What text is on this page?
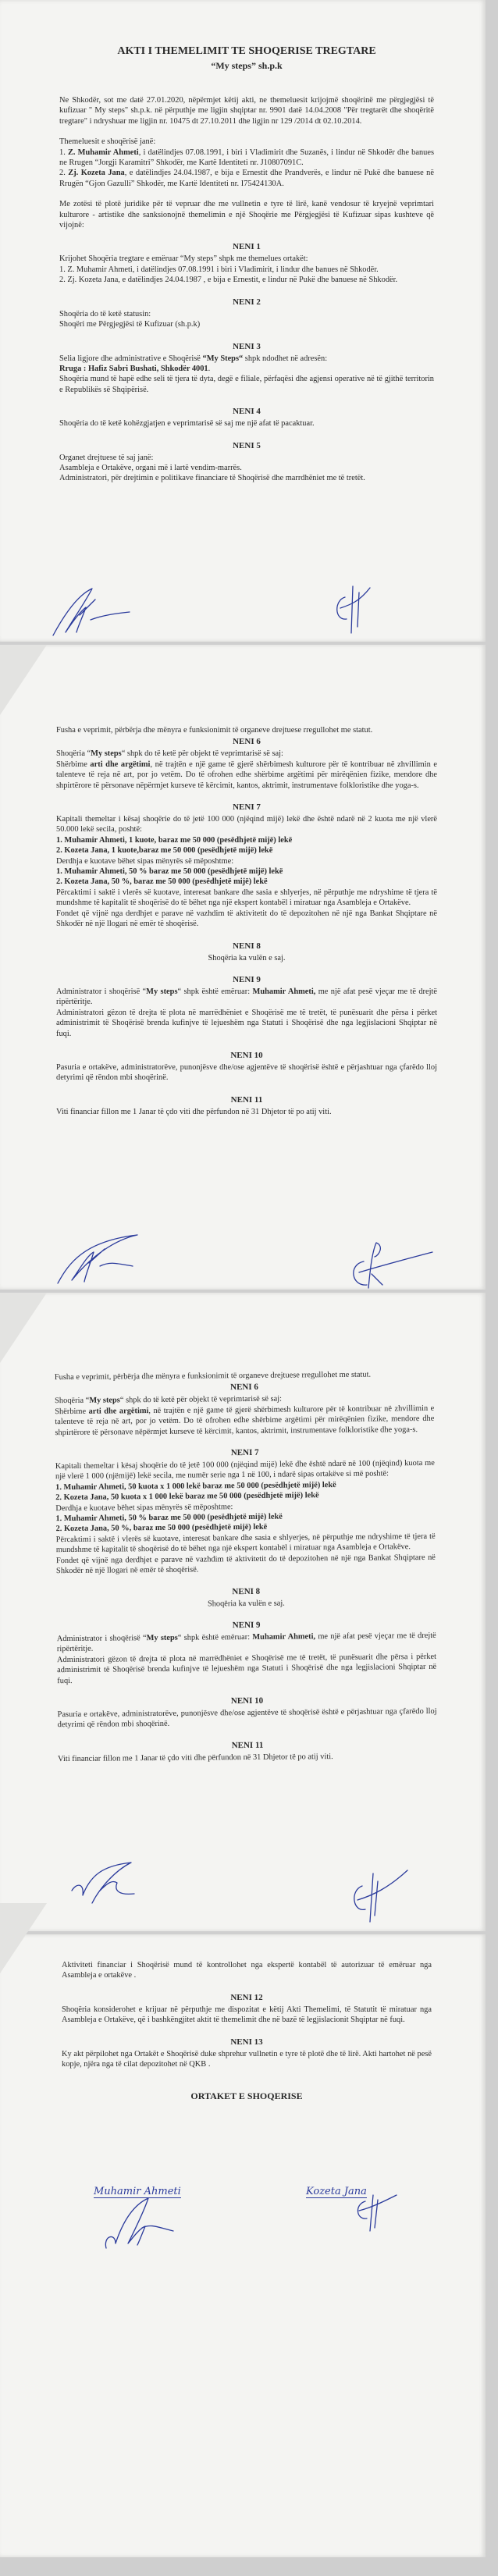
AKTI I THEMELIMIT TE SHOQERISE TREGTARE
“My steps” sh.p.k
Ne Shkodër, sot me datë 27.01.2020, nëpërmjet këtij akti, ne themeluesit krijojmë shoqërinë me përgjegjësi të kufizuar " My steps" sh.p.k. në përputhje me ligjin shqiptar nr. 9901 datë 14.04.2008 "Për tregtarët dhe shoqëritë tregtare" i ndryshuar me ligjin nr. 10475 dt 27.10.2011 dhe ligjin nr 129 /2014 dt 02.10.2014.
Themeluesit e shoqërisë janë:
1. Z. Muhamir Ahmeti, i datëlindjes 07.08.1991, i biri i Vladimirit dhe Suzanës, i lindur në Shkodër dhe banues ne Rrugen “Jorgji Karamitri” Shkodër, me Kartë Identiteti nr. J10807091C.
2. Zj. Kozeta Jana, e datëlindjes 24.04.1987, e bija e Ernestit dhe Prandverës, e lindur në Pukë dhe banuese në Rrugën “Gjon Gazulli” Shkodër, me Kartë Identiteti nr. I75424130A.
Me zotësi të plotë juridike për të vepruar dhe me vullnetin e tyre të lirë, kanë vendosur të kryejnë veprimtari kulturore - artistike dhe sanksionojnë themelimin e një Shoqërie me Përgjegjësi të Kufizuar sipas kushteve që vijojnë:
NENI 1
Krijohet Shoqëria tregtare e emëruar “My steps” shpk me themelues ortakët:
1. Z. Muhamir Ahmeti, i datëlindjes 07.08.1991 i biri i Vladimirit, i lindur dhe banues në Shkodër.
2. Zj. Kozeta Jana, e datëlindjes 24.04.1987 , e bija e Ernestit, e lindur në Pukë dhe banuese në Shkodër.
NENI 2
Shoqëria do të ketë statusin:
Shoqëri me Përgjegjësi të Kufizuar (sh.p.k)
NENI 3
Selia ligjore dhe administrative e Shoqërisë “My Steps“ shpk ndodhet në adresën:
Rruga : Hafiz Sabri Bushati, Shkodër 4001.
Shoqëria mund të hapë edhe seli të tjera të dyta, degë e filiale, përfaqësi dhe agjensi operative në të gjithë territorin e Republikës së Shqipërisë.
NENI 4
Shoqëria do të ketë kohëzgjatjen e veprimtarisë së saj me një afat të pacaktuar.
NENI 5
Organet drejtuese të saj janë:
Asambleja e Ortakëve, organi më i lartë vendim-marrës.
Administratori, për drejtimin e politikave financiare të Shoqërisë dhe marrdhëniet me të tretët.
Fusha e veprimit, përbërja dhe mënyra e funksionimit të organeve drejtuese rregullohet me statut.
NENI 6
Shoqëria “My steps“ shpk do të ketë për objekt të veprimtarisë së saj:
Shërbime arti dhe argëtimi, në trajtën e një game të gjerë shërbimesh kulturore për të kontribuar në zhvillimin e talenteve të reja në art, por jo vetëm. Do të ofrohen edhe shërbime argëtimi për mirëqënien fizike, mendore dhe shpirtërore të përsonave nëpërmjet kurseve të kërcimit, kantos, aktrimit, instrumentave folkloristike dhe yoga-s.
NENI 7
Kapitali themeltar i kësaj shoqërie do të jetë 100 000 (njëqind mijë) lekë dhe është ndarë në 2 kuota me një vlerë 50.000 lekë secila, poshtë:
1. Muhamir Ahmeti, 1 kuote, baraz me 50 000 (pesëdhjetë mijë) lekë
2. Kozeta Jana, 1 kuote,baraz me 50 000 (pesëdhjetë mijë) lekë
Derdhja e kuotave bëhet sipas mënyrës së mëposhtme:
1. Muhamir Ahmeti, 50 % baraz me 50 000 (pesëdhjetë mijë) lekë
2. Kozeta Jana, 50 %, baraz me 50 000 (pesëdhjetë mijë) lekë
Përcaktimi i saktë i vlerës së kuotave, interesat bankare dhe sasia e shlyerjes, në përputhje me ndryshime të tjera të mundshme të kapitalit të shoqërisë do të bëhet nga një ekspert kontabël i miratuar nga Asambleja e Ortakëve.
Fondet që vijnë nga derdhjet e parave në vazhdim të aktivitetit do të depozitohen në një nga Bankat Shqiptare në Shkodër në një llogari në emër të shoqërisë.
NENI 8
Shoqëria ka vulën e saj.
NENI 9
Administrator i shoqërisë “My steps“ shpk është emëruar: Muhamir Ahmeti, me një afat pesë vjeçar me të drejtë ripërtëritje.
Administratori gëzon të drejta të plota në marrëdhëniet e Shoqërisë me të tretët, të punësuarit dhe përsa i përket administrimit të Shoqërisë brenda kufinjve të lejueshëm nga Statuti i Shoqërisë dhe nga legjislacioni Shqiptar në fuqi.
NENI 10
Pasuria e ortakëve, administratorëve, punonjësve dhe/ose agjentëve të shoqërisë është e përjashtuar nga çfarëdo lloj detyrimi që rëndon mbi shoqërinë.
NENI 11
Viti financiar fillon me 1 Janar të çdo viti dhe përfundon në 31 Dhjetor të po atij viti.
Fusha e veprimit, përbërja dhe mënyra e funksionimit të organeve drejtuese rregullohet me statut.
NENI 6
Shoqëria “My steps“ shpk do të ketë për objekt të veprimtarisë së saj:
Shërbime arti dhe argëtimi, në trajtën e një game të gjerë shërbimesh kulturore për të kontribuar në zhvillimin e talenteve të reja në art, por jo vetëm. Do të ofrohen edhe shërbime argëtimi për mirëqënien fizike, mendore dhe shpirtërore të përsonave nëpërmjet kurseve të kërcimit, kantos, aktrimit, instrumentave folkloristike dhe yoga-s.
NENI 7
Kapitali themeltar i kësaj shoqërie do të jetë 100 000 (njëqind mijë) lekë dhe është ndarë në 100 (njëqind) kuota me një vlerë 1 000 (njëmijë) lekë secila, me numër serie nga 1 në 100, i ndarë sipas ortakëve si më poshtë:
1. Muhamir Ahmeti, 50 kuota x 1 000 lekë baraz me 50 000 (pesëdhjetë mijë) lekë
2. Kozeta Jana, 50 kuota x 1 000 lekë baraz me 50 000 (pesëdhjetë mijë) lekë
Derdhja e kuotave bëhet sipas mënyrës së mëposhtme:
1. Muhamir Ahmeti, 50 % baraz me 50 000 (pesëdhjetë mijë) lekë
2. Kozeta Jana, 50 %, baraz me 50 000 (pesëdhjetë mijë) lekë
Përcaktimi i saktë i vlerës së kuotave, interesat bankare dhe sasia e shlyerjes, në përputhje me ndryshime të tjera të mundshme të kapitalit të shoqërisë do të bëhet nga një ekspert kontabël i miratuar nga Asambleja e Ortakëve.
Fondet që vijnë nga derdhjet e parave në vazhdim të aktivitetit do të depozitohen në një nga Bankat Shqiptare në Shkodër në një llogari në emër të shoqërisë.
NENI 8
Shoqëria ka vulën e saj.
NENI 9
Administrator i shoqërisë “My steps“ shpk është emëruar: Muhamir Ahmeti, me një afat pesë vjeçar me të drejtë ripërtëritje.
Administratori gëzon të drejta të plota në marrëdhëniet e Shoqërisë me të tretët, të punësuarit dhe përsa i përket administrimit të Shoqërisë brenda kufinjve të lejueshëm nga Statuti i Shoqërisë dhe nga legjislacioni Shqiptar në fuqi.
NENI 10
Pasuria e ortakëve, administratorëve, punonjësve dhe/ose agjentëve të shoqërisë është e përjashtuar nga çfarëdo lloj detyrimi që rëndon mbi shoqërinë.
NENI 11
Viti financiar fillon me 1 Janar të çdo viti dhe përfundon në 31 Dhjetor të po atij viti.
Aktiviteti financiar i Shoqërisë mund të kontrollohet nga ekspertë kontabël të autorizuar të emëruar nga Asambleja e ortakëve .
NENI 12
Shoqëria konsiderohet e krijuar në përputhje me dispozitat e këtij Akti Themelimi, të Statutit të miratuar nga Asambleja e Ortakëve, që i bashkëngjitet aktit të themelimit dhe në bazë të legjislacionit Shqiptar në fuqi.
NENI 13
Ky akt përpilohet nga Ortakët e Shoqërisë duke shprehur vullnetin e tyre të plotë dhe të lirë. Akti hartohet në pesë kopje, njëra nga të cilat depozitohet në QKB .
ORTAKET E SHOQERISE
Muhamir Ahmeti	Kozeta Jana
